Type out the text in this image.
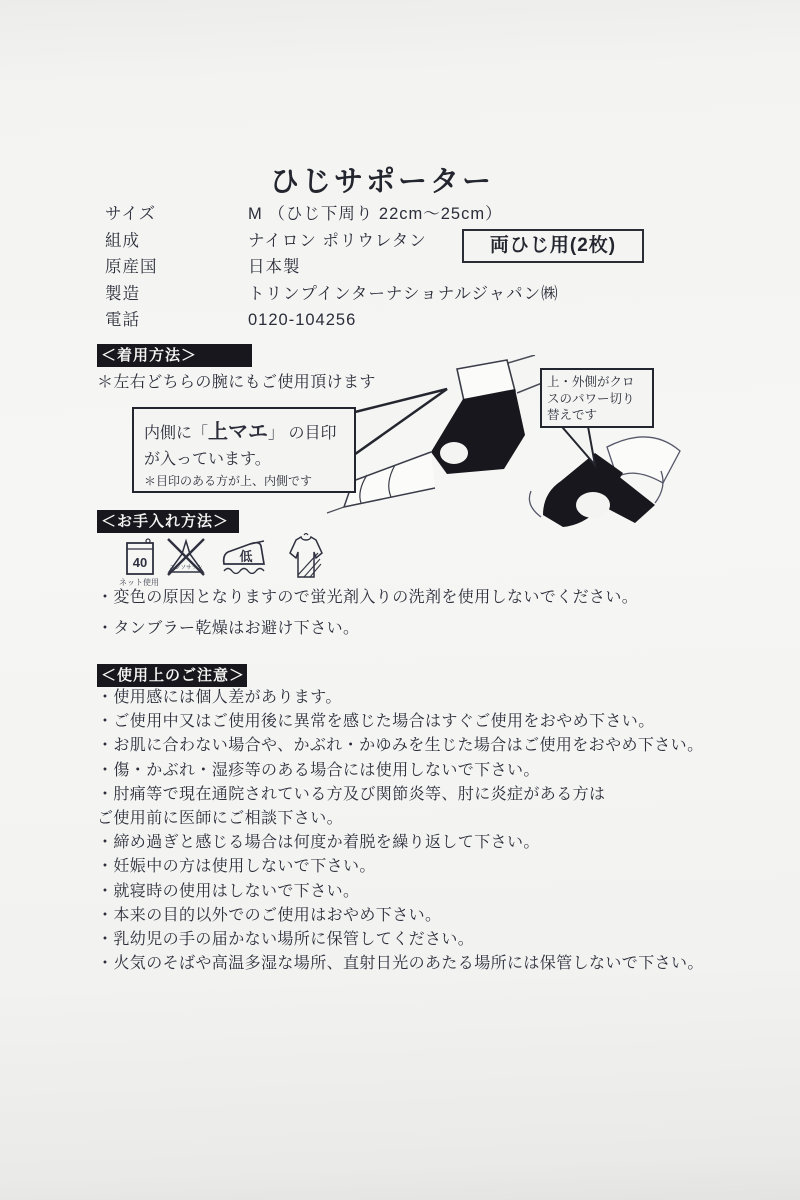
ひじサポーター
サイズ	M （ひじ下周り 22cm～25cm）
組成	ナイロン ポリウレタン
原産国	日本製
製造	トリンプインターナショナルジャパン㈱
電話	0120-104256
両ひじ用(2枚)
＜着用方法＞
＊左右どちらの腕にもご使用頂けます
内側に「上マエ」 の目印
が入っています。
＊目印のある方が上、内側です
上・外側がクロ
スのパワー切り
替えです
＜お手入れ方法＞
40
ネット使用
エンソサラシ
低
・変色の原因となりますので蛍光剤入りの洗剤を使用しないでください。
・タンブラー乾燥はお避け下さい。
＜使用上のご注意＞
・使用感には個人差があります。
・ご使用中又はご使用後に異常を感じた場合はすぐご使用をおやめ下さい。
・お肌に合わない場合や、かぶれ・かゆみを生じた場合はご使用をおやめ下さい。
・傷・かぶれ・湿疹等のある場合には使用しないで下さい。
・肘痛等で現在通院されている方及び関節炎等、肘に炎症がある方は
ご使用前に医師にご相談下さい。
・締め過ぎと感じる場合は何度か着脱を繰り返して下さい。
・妊娠中の方は使用しないで下さい。
・就寝時の使用はしないで下さい。
・本来の目的以外でのご使用はおやめ下さい。
・乳幼児の手の届かない場所に保管してください。
・火気のそばや高温多湿な場所、直射日光のあたる場所には保管しないで下さい。
